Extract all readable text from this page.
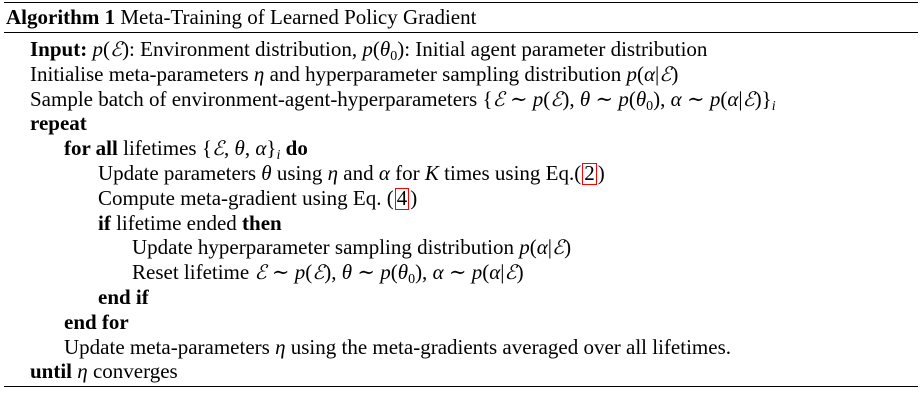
Algorithm 1 Meta-Training of Learned Policy Gradient
Input: p(ℰ): Environment distribution, $p(\theta_0)$: Initial agent parameter distribution
Initialise meta-parameters η and hyperparameter sampling distribution p(α|ℰ)
Sample batch of environment-agent-hyperparameters {ℰ ∼ p(ℰ), θ ∼ $p(\theta_0)$, α ∼ $p(\alpha|ℰ)\}_i$
repeat
for all lifetimes {ℰ, θ, $\alpha\}_i$ do
Update parameters θ using η and α for K times using Eq.( 2 )
Compute meta-gradient using Eq. ( 4 )
if lifetime ended then
Update hyperparameter sampling distribution p(α|ℰ)
Reset lifetime ℰ ∼ p(ℰ), θ ∼ $p(\theta_0)$, α ∼ p(α|ℰ)
end if
end for
Update meta-parameters η using the meta-gradients averaged over all lifetimes.
until η converges
